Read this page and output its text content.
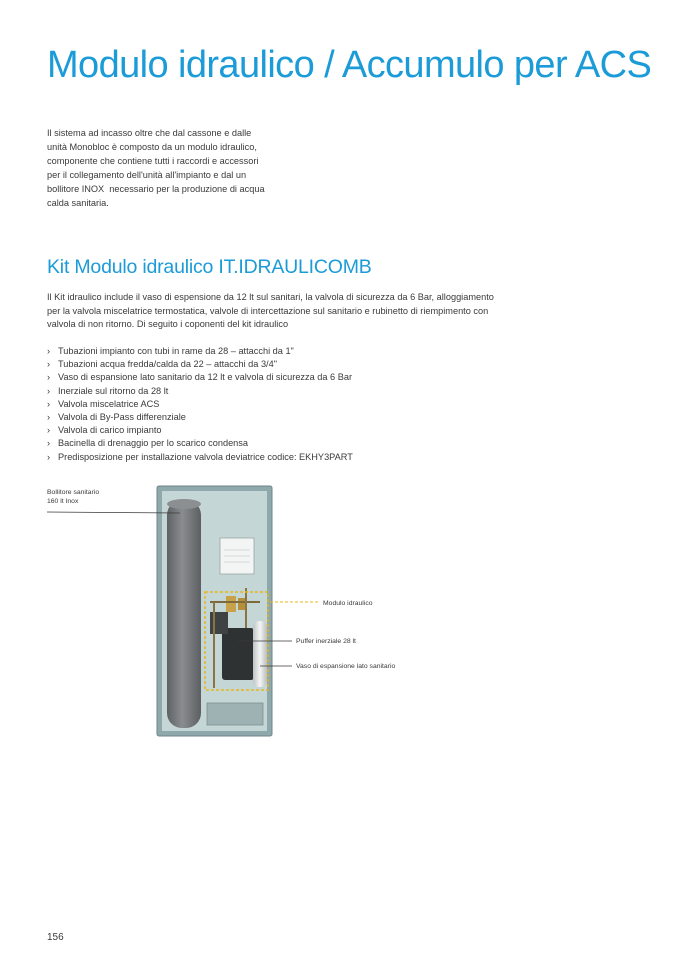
Modulo idraulico / Accumulo per ACS
Il sistema ad incasso oltre che dal cassone e dalle
unità Monobloc è composto da un modulo idraulico,
componente che contiene tutti i raccordi e accessori
per il collegamento dell'unità all'impianto e dal un
bollitore INOX  necessario per la produzione di acqua
calda sanitaria.
Kit Modulo idraulico IT.IDRAULICOMB
Il Kit idraulico include il vaso di espensione da 12 lt sul sanitari, la valvola di sicurezza da 6 Bar, alloggiamento
per la valvola miscelatrice termostatica, valvole di intercettazione sul sanitario e rubinetto di riempimento con
valvola di non ritorno. Di seguito i coponenti del kit idraulico
› Tubazioni impianto con tubi in rame da 28 – attacchi da 1"
› Tubazioni acqua fredda/calda da 22 – attacchi da 3/4"
› Vaso di espansione lato sanitario da 12 lt e valvola di sicurezza da 6 Bar
› Inerziale sul ritorno da 28 lt
› Valvola miscelatrice ACS
› Valvola di By-Pass differenziale
› Valvola di carico impianto
› Bacinella di drenaggio per lo scarico condensa
› Predisposizione per installazione valvola deviatrice codice: EKHY3PART
Bollitore sanitario
160 lt Inox
Modulo idraulico
Puffer inerziale 28 lt
Vaso di espansione lato sanitario
156
